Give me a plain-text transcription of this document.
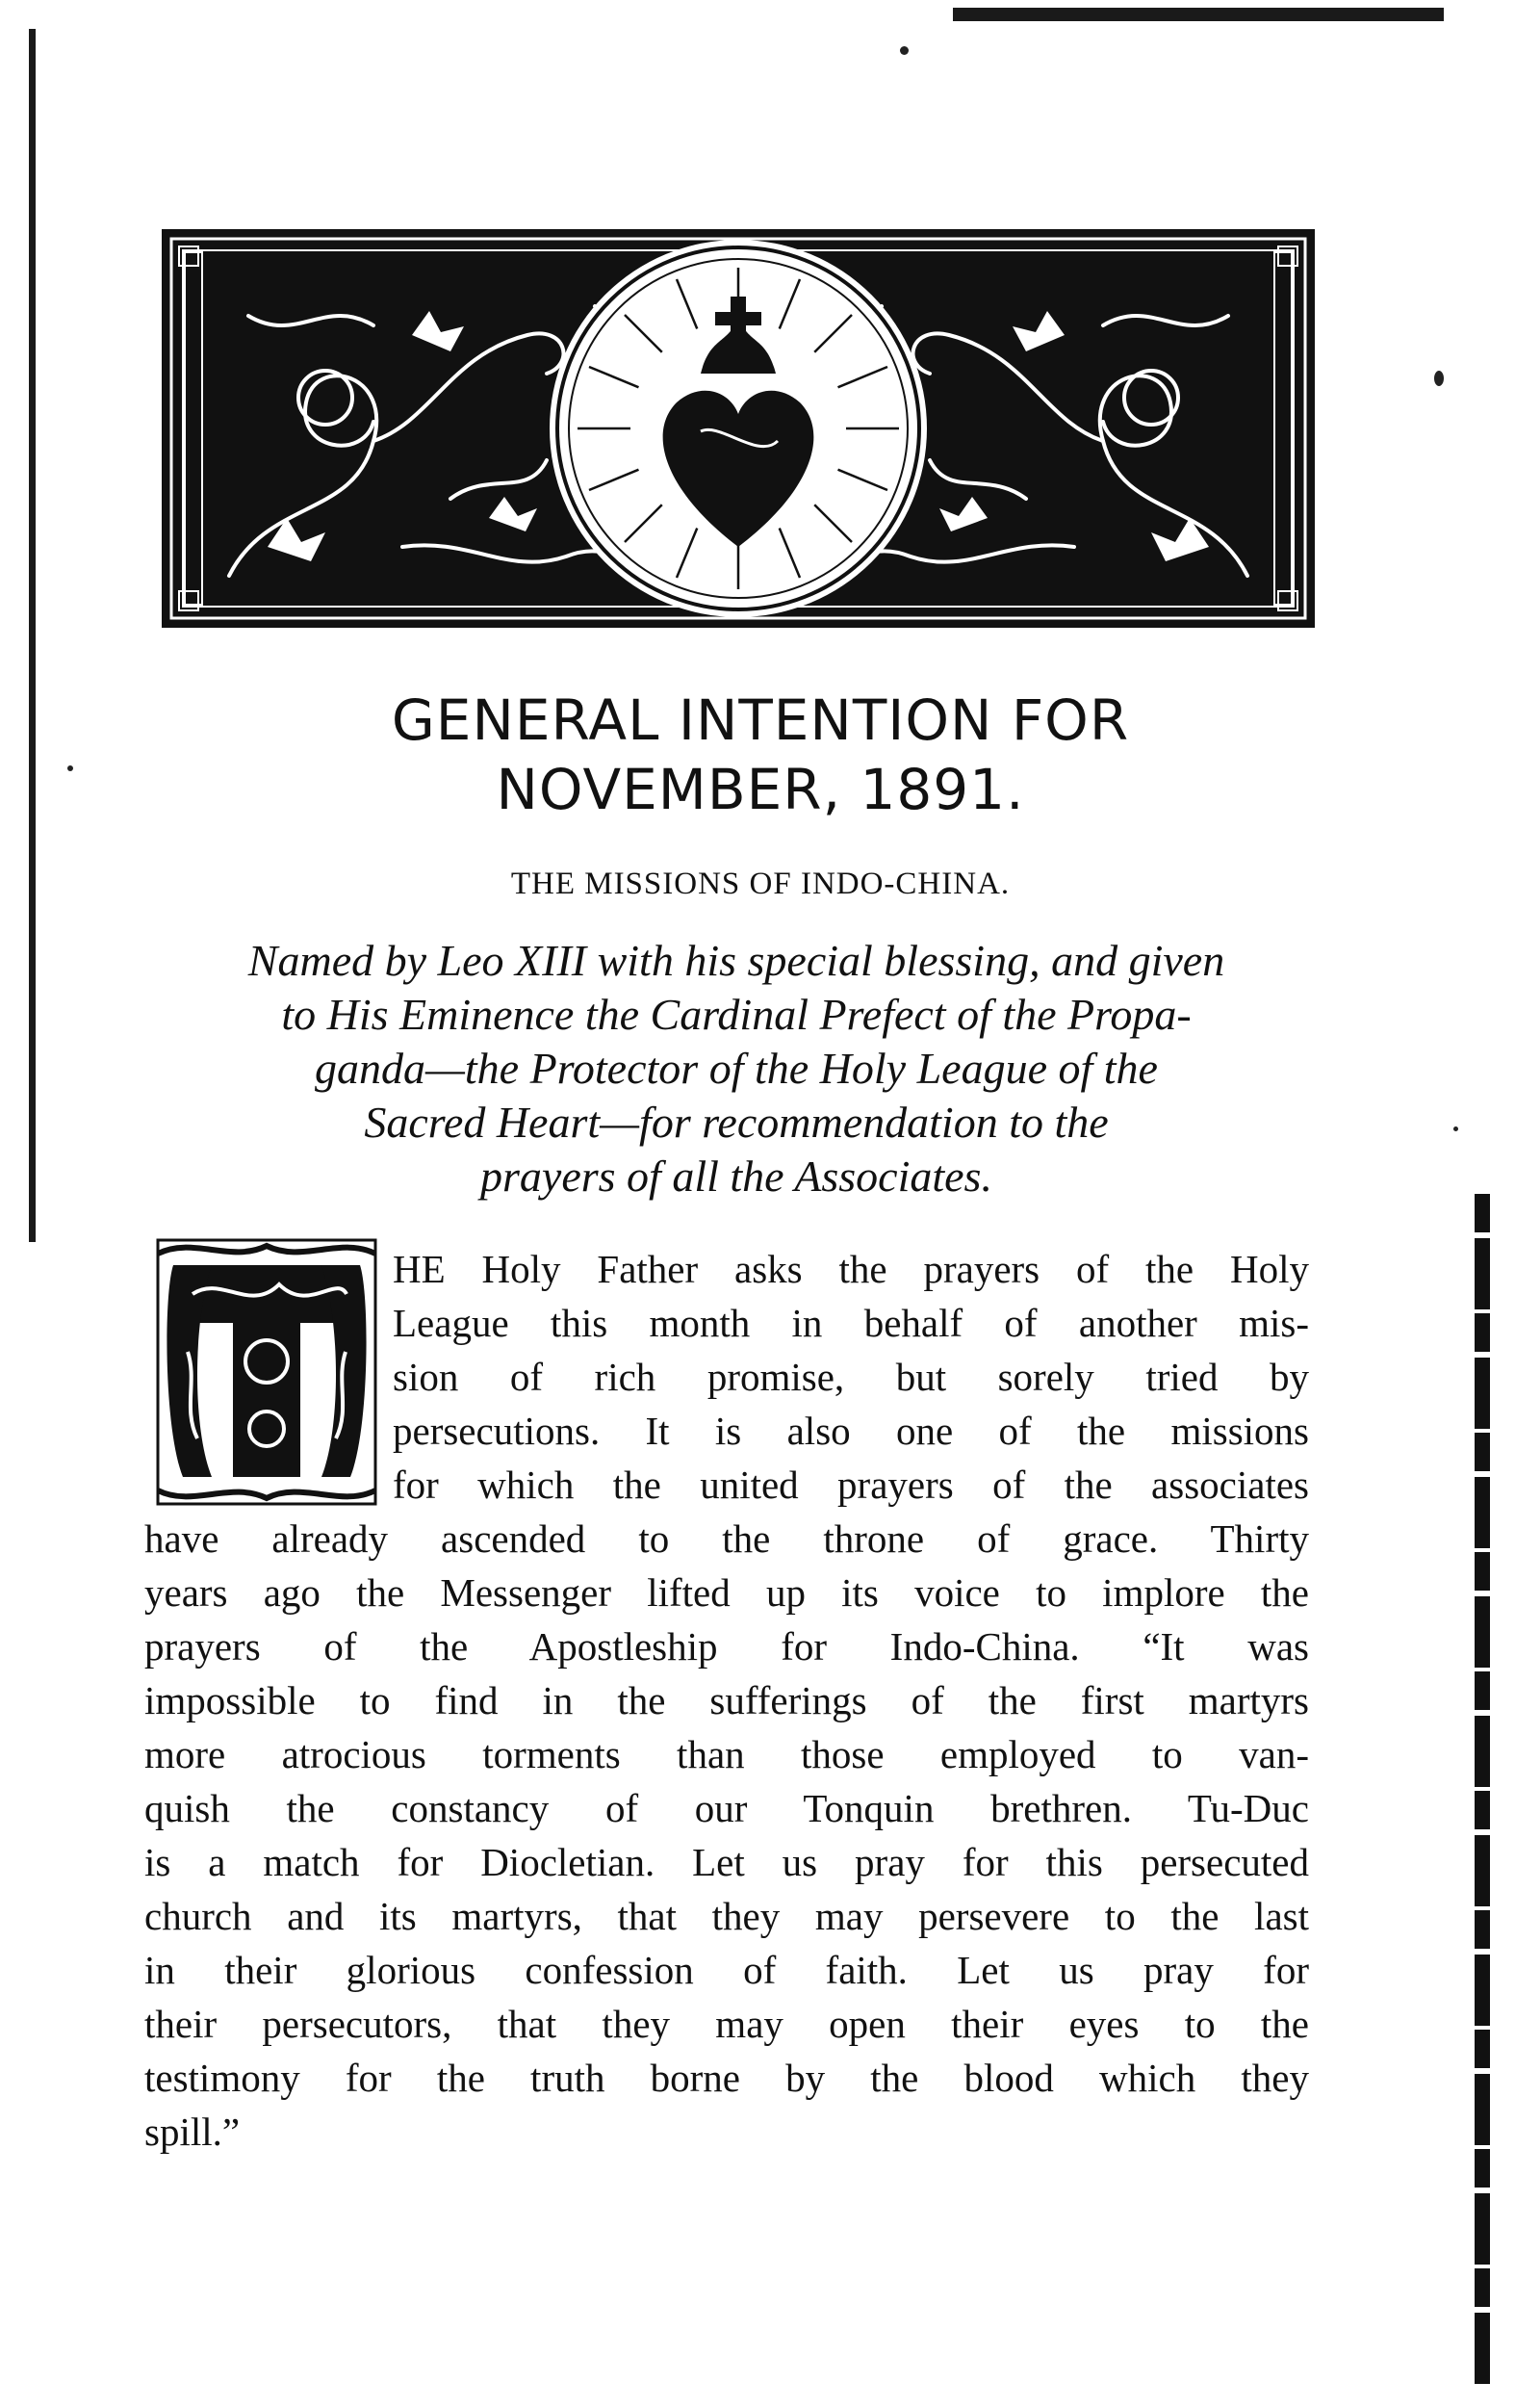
GENERAL INTENTION FOR
NOVEMBER, 1891.
THE MISSIONS OF INDO-CHINA.
Named by Leo XIII with his special blessing, and given
to His Eminence the Cardinal Prefect of the Propa-
ganda—the Protector of the Holy League of the
Sacred Heart—for recommendation to the
prayers of all the Associates.
HE Holy Father asks the prayers of the Holy
League this month in behalf of another mis-
sion of rich promise, but sorely tried by
persecutions. It is also one of the missions
for which the united prayers of the associates
have already ascended to the throne of grace. Thirty
years ago the Messenger lifted up its voice to implore the
prayers of the Apostleship for Indo-China. “It was
impossible to find in the sufferings of the first martyrs
more atrocious torments than those employed to van-
quish the constancy of our Tonquin brethren. Tu-Duc
is a match for Diocletian. Let us pray for this persecuted
church and its martyrs, that they may persevere to the last
in their glorious confession of faith. Let us pray for
their persecutors, that they may open their eyes to the
testimony for the truth borne by the blood which they
spill.”
